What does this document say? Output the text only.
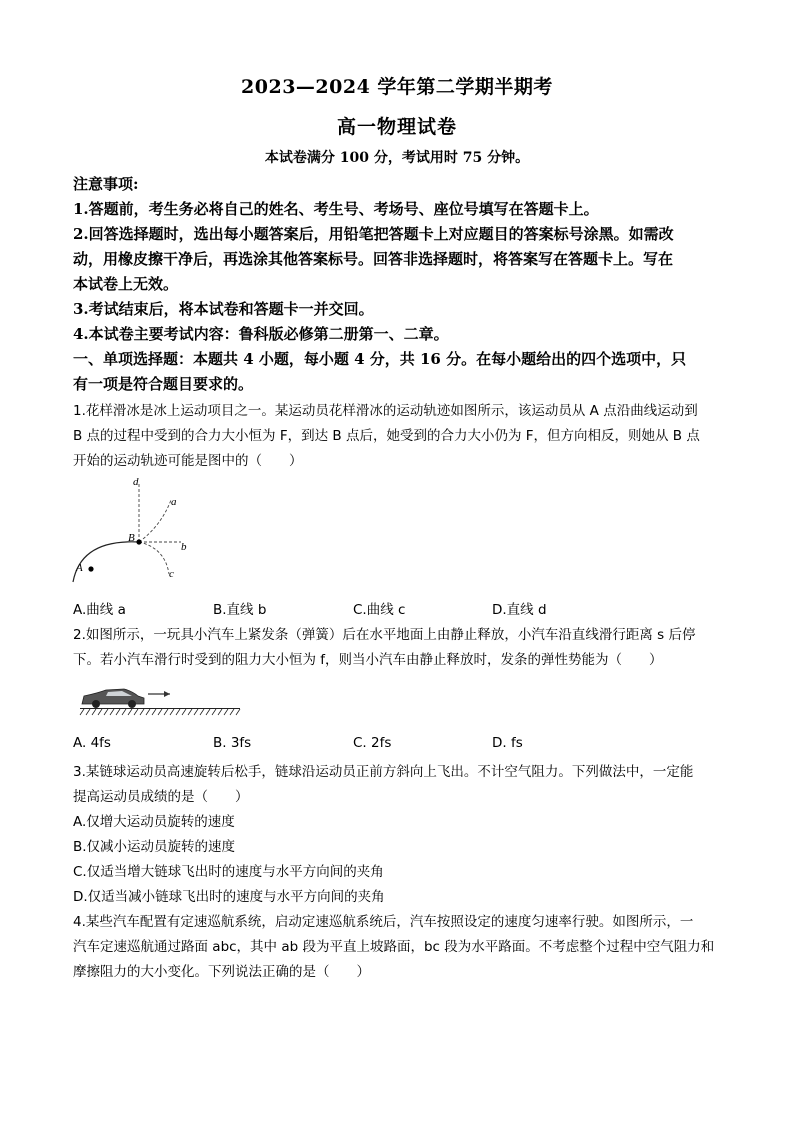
2023—2024 学年第二学期半期考
高一物理试卷
本试卷满分 100 分，考试用时 75 分钟。
注意事项:
1.答题前，考生务必将自己的姓名、考生号、考场号、座位号填写在答题卡上。
2.回答选择题时，选出每小题答案后，用铅笔把答题卡上对应题目的答案标号涂黑。如需改
动，用橡皮擦干净后，再选涂其他答案标号。回答非选择题时，将答案写在答题卡上。写在
本试卷上无效。
3.考试结束后，将本试卷和答题卡一并交回。
4.本试卷主要考试内容：鲁科版必修第二册第一、二章。
一、单项选择题：本题共 4 小题，每小题 4 分，共 16 分。在每小题给出的四个选项中，只
有一项是符合题目要求的。
1.花样滑冰是冰上运动项目之一。某运动员花样滑冰的运动轨迹如图所示，该运动员从 A 点沿曲线运动到
B 点的过程中受到的合力大小恒为 F，到达 B 点后，她受到的合力大小仍为 F，但方向相反，则她从 B 点
开始的运动轨迹可能是图中的（　　）
d
a
b
c
A
B
A.曲线 a	B.直线 b	C.曲线 c	D.直线 d
2.如图所示，一玩具小汽车上紧发条（弹簧）后在水平地面上由静止释放，小汽车沿直线滑行距离 s 后停
下。若小汽车滑行时受到的阻力大小恒为 f，则当小汽车由静止释放时，发条的弹性势能为（　　）
A. 4fs	B. 3fs	C. 2fs	D. fs
3.某链球运动员高速旋转后松手，链球沿运动员正前方斜向上飞出。不计空气阻力。下列做法中，一定能
提高运动员成绩的是（　　）
A.仅增大运动员旋转的速度
B.仅减小运动员旋转的速度
C.仅适当增大链球飞出时的速度与水平方向间的夹角
D.仅适当减小链球飞出时的速度与水平方向间的夹角
4.某些汽车配置有定速巡航系统，启动定速巡航系统后，汽车按照设定的速度匀速率行驶。如图所示，一
汽车定速巡航通过路面 abc，其中 ab 段为平直上坡路面，bc 段为水平路面。不考虑整个过程中空气阻力和
摩擦阻力的大小变化。下列说法正确的是（　　）
